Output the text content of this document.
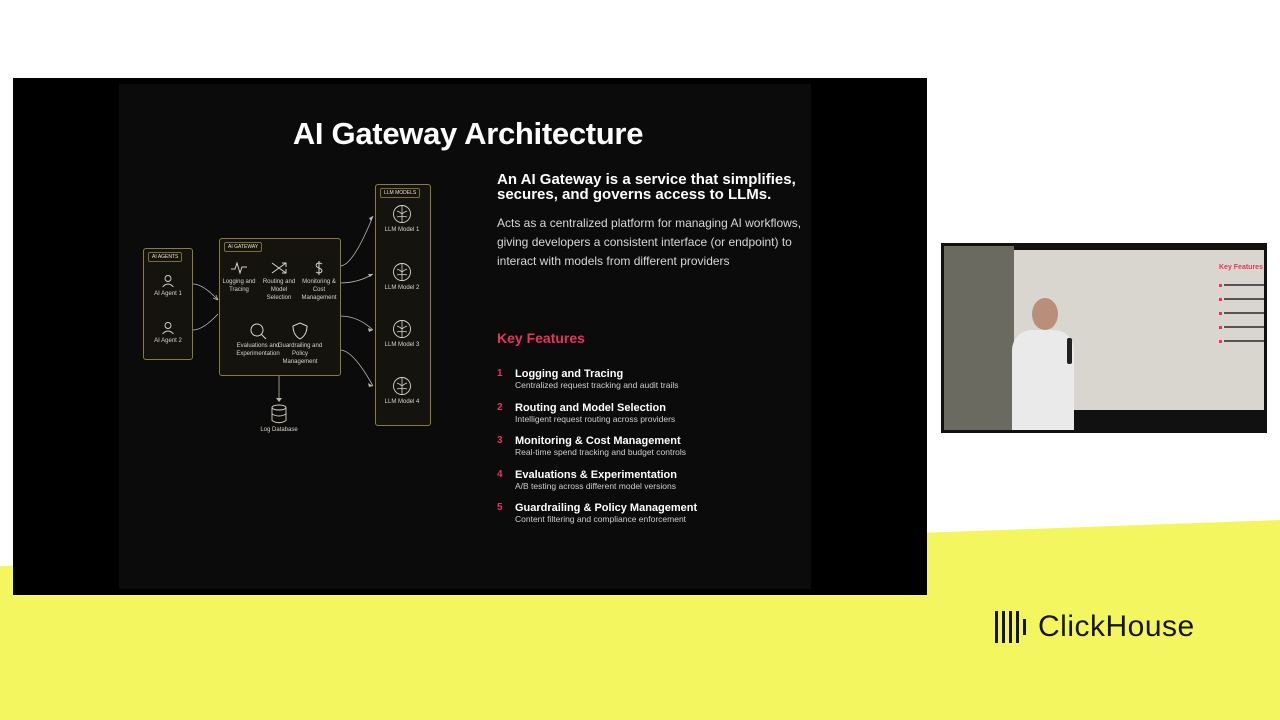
ClickHouse
AI Gateway Architecture
AI AGENTS
AI Agent 1
AI Agent 2
AI GATEWAY
Logging and Tracing
Routing and Model Selection
Monitoring & Cost Management
Evaluations and Experimentation
Guardrailing and Policy Management
Log Database
LLM MODELS
LLM Model 1
LLM Model 2
LLM Model 3
LLM Model 4

An AI Gateway is a service that simplifies, secures, and governs access to LLMs.

Acts as a centralized platform for managing AI workflows, giving developers a consistent interface (or endpoint) to interact with models from different providers

Key Features
1 Logging and Tracing
Centralized request tracking and audit trails
2 Routing and Model Selection
Intelligent request routing across providers
3 Monitoring & Cost Management
Real-time spend tracking and budget controls
4 Evaluations & Experimentation
A/B testing across different model versions
5 Guardrailing & Policy Management
Content filtering and compliance enforcement
Key Features
